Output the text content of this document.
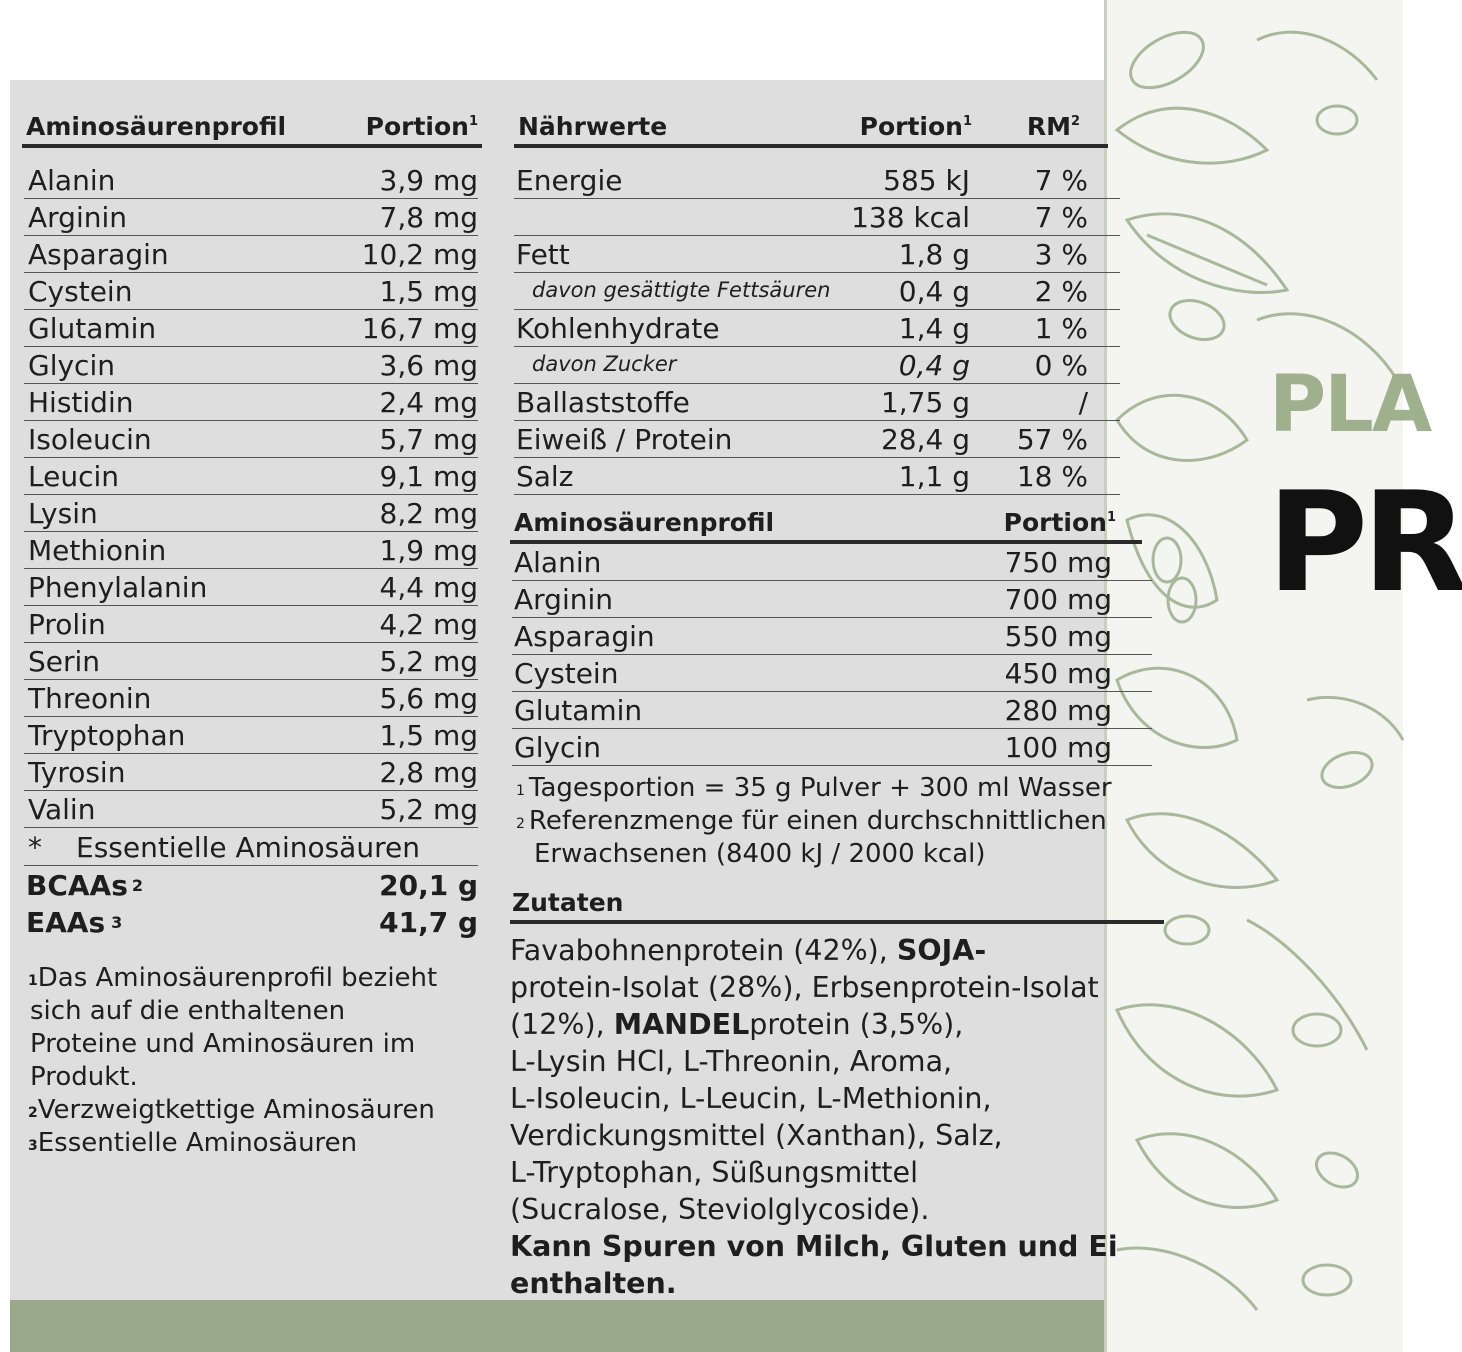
PLA
PR
Aminosäurenprofil	Portion$^1$
Alanin	3,9 mg
Arginin	7,8 mg
Asparagin	10,2 mg
Cystein	1,5 mg
Glutamin	16,7 mg
Glycin	3,6 mg
Histidin	2,4 mg
Isoleucin	5,7 mg
Leucin	9,1 mg
Lysin	8,2 mg
Methionin	1,9 mg
Phenylalanin	4,4 mg
Prolin	4,2 mg
Serin	5,2 mg
Threonin	5,6 mg
Tryptophan	1,5 mg
Tyrosin	2,8 mg
Valin	5,2 mg
* Essentielle Aminosäuren
BCAAs $^2$	20,1 g
EAAs $^3$	41,7 g
$^1$Das Aminosäurenprofil bezieht
sich auf die enthaltenen
Proteine und Aminosäuren im
Produkt.
$^2$Verzweigtkettige Aminosäuren
$^3$Essentielle Aminosäuren
Nährwerte	Portion$^1$ $RM^2$
Energie	585 kJ 7 %
138 kcal 7 %
Fett	1,8 g 3 %
davon gesättigte Fettsäuren 0,4 g 2 %
Kohlenhydrate	1,4 g 1 %
davon Zucker	0,4 g 0 %
Ballaststoffe	1,75 g	/
Eiweiß / Protein	28,4 g 57 %
Salz	1,1 g 18 %
Aminosäurenprofil	Portion$^1$
Alanin	750 mg
Arginin	700 mg
Asparagin	550 mg
Cystein	450 mg
Glutamin	280 mg
Glycin	100 mg
$^1$ Tagesportion = 35 g Pulver + 300 ml Wasser
$^2$ Referenzmenge für einen durchschnittlichen
Erwachsenen (8400 kJ / 2000 kcal)
Zutaten
Favabohnenprotein (42%), SOJA-
protein-Isolat (28%), Erbsenprotein-Isolat
(12%), MANDELprotein (3,5%),
L-Lysin HCl, L-Threonin, Aroma,
L-Isoleucin, L-Leucin, L-Methionin,
Verdickungsmittel (Xanthan), Salz,
L-Tryptophan, Süßungsmittel
(Sucralose, Steviolglycoside).
Kann Spuren von Milch, Gluten und Ei
enthalten.
